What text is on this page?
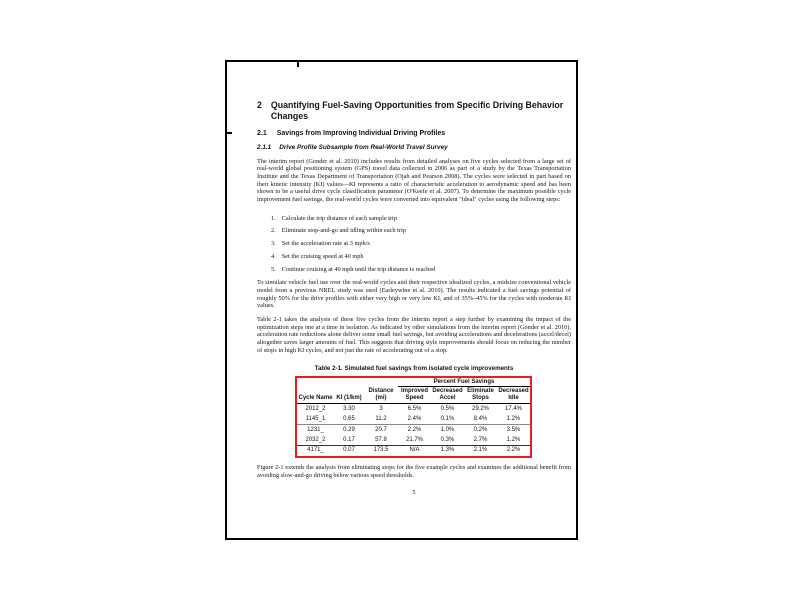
2 Quantifying Fuel-Saving Opportunities from Specific Driving Behavior Changes
2.1 Savings from Improving Individual Driving Profiles
2.1.1 Drive Profile Subsample from Real-World Travel Survey

The interim report (Gonder et al. 2010) includes results from detailed analyses on five cycles selected from a large set of real-world global positioning system (GPS) travel data collected in 2006 as part of a study by the Texas Transportation Institute and the Texas Department of Transportation (Ojah and Pearson 2008). The cycles were selected in part based on their kinetic intensity (KI) values—KI represents a ratio of characteristic acceleration to aerodynamic speed and has been shown to be a useful drive cycle classification parameter (O'Keefe et al. 2007). To determine the maximum possible cycle improvement fuel savings, the real-world cycles were converted into equivalent "ideal" cycles using the following steps:

1. Calculate the trip distance of each sample trip
2. Eliminate stop-and-go and idling within each trip
3. Set the acceleration rate at 3 mph/s
4. Set the cruising speed at 40 mph
5. Continue cruising at 40 mph until the trip distance is reached

To simulate vehicle fuel use over the real-world cycles and their respective idealized cycles, a midsize conventional vehicle model from a previous NREL study was used (Earleywine et al. 2010). The results indicated a fuel savings potential of roughly 50% for the drive profiles with either very high or very low KI, and of 35%–45% for the cycles with moderate KI values.

Table 2-1 takes the analysis of these five cycles from the interim report a step further by examining the impact of the optimization steps one at a time in isolation. As indicated by other simulations from the interim report (Gonder et al. 2010), acceleration rate reductions alone deliver some small fuel savings, but avoiding accelerations and decelerations (accel/decel) altogether saves larger amounts of fuel. This suggests that driving style improvements should focus on reducing the number of stops in high KI cycles, and not just the rate of accelerating out of a stop.

Table 2-1. Simulated fuel savings from isolated cycle improvements
Cycle Name	KI (1/km)	Distance (mi)	Percent Fuel Savings			
			Improved Speed	Decreased Accel	Eliminate Stops	Decreased Idle
2012_2	3.30	3	6.5%	0.5%	29.2%	17.4%
1145_1	0.65	11.2	2.4%	0.1%	8.4%	1.2%
1231_	0.29	20.7	2.2%	1.0%	0.2%	3.5%
2032_2	0.17	57.8	21.7%	0.3%	2.7%	1.2%
4171_	0.07	173.5	N/A	1.3%	2.1%	2.2%

Figure 2-1 extends the analysis from eliminating stops for the five example cycles and examines the additional benefit from avoiding slow-and-go driving below various speed thresholds.

5
